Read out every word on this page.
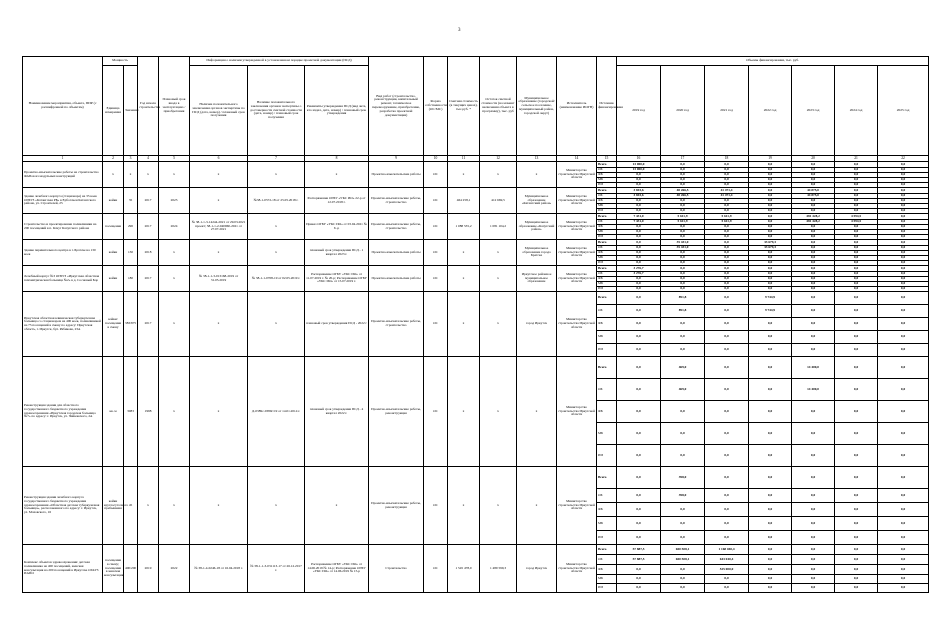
3
Наименование мероприятия, объекта, ПИР (с расшифровкой по объектам)	Мощность		Год начала строительства	Плановый срок ввода в эксплуатацию / приобретения	Информация о наличии утвержденной в установленном порядке проектной документации (ПСД)			Вид работ (строительство, реконструкция, капитальный ремонт, техническое перевооружение, приобретение, разработка проектной документации)	Форма собственности (ОС/МС)	Сметная стоимость (в текущих ценах), тыс.руб. *	Остаток сметной стоимости (на момент включения объекта в программу), тыс. руб	Муниципальное образование (городской/сельское поселение, муниципальный район, городской округ)	Исполнитель (наименование ИОГВ)	Источник финансирования	Объемы финансирования, тыс. руб.						
	Единица измерения	Значение			Наличие положительного заключения органов экспертизы по ПСД (дата, номер) / плановый срок получения	Наличие положительного заключения органов экспертизы о достоверности сметной стоимости (дата, номер) / плановый срок получения	Реквизиты утверждения ПСД (вид акта, кто издал, дата, номер) / плановый срок утверждения								2019 год	2020 год	2021 год	2022 год	2023 год	2024 год	2025 год

1	2	3	4	5	6	7	8	9	10	11	12	13	14	15	16	17	18	19	20	21	22
Проектно-изыскательские работы на строительство ФАПов из модульных конструкций	x	x	x	x	x	x	x	Проектно-изыскательские работы	ОС	x	x	x	Министерство строительства Иркутской области	Всего	13 000,0	0,0	0,0	0,0	0,0	0,0	0,0
														ОБ	13 000,0	0,0	0,0	0,0	0,0	0,0	0,0
														ФБ	0,0	0,0	0,0	0,0	0,0	0,0	0,0
														МБ	0,0	0,0	0,0	0,0	0,0	0,0	0,0
														ИИ	0,0	0,0	0,0	0,0	0,0	0,0	0,0
Здание лечебного корпуса (стационара) на 35 коек ОГБУЗ «Катангская РБ» в Ербогачен Катангского района, ул. Строителей, 25	койки	35	2017	2023	x	№38-1-0572-18 от 25.05.2018 г.	Распоряжение ОГБУ «УКС ИО» 22-р от 12.07.2018 г.	Проектно-изыскательские работы, строительство	ОС	464 258,1	412 669,5	Муниципальное образование «Катангский район»	Министерство строительства Иркутской области	Всего	3 693,6	48 266,5	41 471,4	0,0	44 875,0	0,0	0,0
														ОБ	3 693,6	48 266,5	41 471,4	0,0	44 875,0	0,0	0,0
														ФБ	0,0	0,0	0,0	0,0	0,0	0,0	0,0
														МБ	0,0	0,0	0,0	0,0	0,0	0,0	0,0
														ИИ	0,0	0,0	0,0	0,0	0,0	0,0	0,0
Строительство и проектирование поликлиники на 200 посещений в п. Качуг Качугского района	посещения	290	2017	2024	№ 38-1-1-3-14244-2021 от 29.03.2021 проект; 38-1-1-2-040960-2021 от 27.07.2021	x	Приказ ОГБУ «УКС ИО» от 03.04.2021 № 6 -р	Проектно-изыскательские работы, строительство	ОС	1 088 535,2	1 081 104,2	Муниципальное образование «Качугский район»	Министерство строительства Иркутской области	Всего	7 431,0	5 611,9	5 611,9	0,0	481 428,2	4 594,5	0,0
														ОБ	7 431,0	5 611,9	5 611,9	0,0	481 428,2	4 594,5	0,0
														ФБ	0,0	0,0	0,0	0,0	0,0	0,0	0,0
														МБ	0,0	0,0	0,0	0,0	0,0	0,0	0,0
														ИИ	0,0	0,0	0,0	0,0	0,0	0,0	0,0
Здание перинатального центра в г. Братске на 130 коек	койки	130	2018	x	x	x	плановый срок утверждения ПСД - 1 квартал 2023 г.	Проектно-изыскательские работы	ОС	x	x	Муниципальное образование города Братска	Министерство строительства Иркутской области	Всего	0,0	35 431,0	0,0	33 679,3	0,0	0,0	0,0
														ОБ	0,0	35 431,0	0,0	33 679,3	0,0	0,0	0,0
														ФБ	0,0	0,0	0,0	0,0	0,0	0,0	0,0
														МБ	0,0	0,0	0,0	0,0	0,0	0,0	0,0
														ИИ	0,0	0,0	0,0	0,0	0,0	0,0	0,0
Лечебный корпус №3 ОГБУЗ «Иркутская областная психиатрическая больница №2» в д. Сосновый Бор	койки	180	2017	x	№ 38-1-1-3-013168-2019 от 31.05.2019	№ 38-1-1-0708-19 от 02.05.2019 г.	Распоряжение ОГБУ «УКС ИО» от 11.07.2019 г. № 20-р; Распоряжение ОГБУ «УКС ИО» от 15.07.2019 г.	Проектно-изыскательские работы	ОС	x	x	Иркутское районное муниципальное образование	Министерство строительства Иркутской области	Всего	3 276,7	0,0	0,0	0,0	0,0	0,0	0,0
														ОБ	3 276,7	0,0	0,0	0,0	0,0	0,0	0,0
														ФБ	0,0	0,0	0,0	0,0	0,0	0,0	0,0
														МБ	0,0	0,0	0,0	0,0	0,0	0,0	0,0
														ИИ	0,0	0,0	0,0	0,0	0,0	0,0	0,0
Иркутская областная клиническая туберкулезная больница со стационаром на 400 коек, поликлиникой на 75 посещений в смену по адресу: Иркутская область, г. Иркутск, бул. Рябикова, 23А	койки/посещения в смену	383/875	2017	x	x	x	плановый срок утверждения ПСД - 2022 г	Проектно-изыскательские работы, строительство	ОС	x	x	город Иркутск	Министерство строительства Иркутской области	Всего	0,0	891,8	0,0	9 744,9	0,0	0,0	0,0
														ОБ	0,0	891,8	0,0	9 744,9	0,0	0,0	0,0
														ФБ	0,0	0,0	0,0	0,0	0,0	0,0	0,0
														МБ	0,0	0,0	0,0	0,0	0,0	0,0	0,0
														ИИ	0,0	0,0	0,0	0,0	0,0	0,0	0,0
Реконструкция здания для областного государственного бюджетного учреждения здравоохранения «Иркутская городская больница №7» по адресу: г. Иркутск, ул. Чайковского, 2А	кв. м	3083	1998	x	x	Д-0389с-0389с/19 от 14.01.2014 г.	плановый срок утверждения ПСД - 4 квартал 2022 г.	Проектно-изыскательские работы, реконструкция	ОС	x	x	x	Министерство строительства Иркутской области	Всего	0,0	469,0	0,0	0,0	14 400,0	0,0	0,0
														ОБ	0,0	469,0	0,0	0,0	14 400,0	0,0	0,0
														ФБ	0,0	0,0	0,0	0,0	0,0	0,0	0,0
														МБ	0,0	0,0	0,0	0,0	0,0	0,0	0,0
														ИИ	0,0	0,0	0,0	0,0	0,0	0,0	0,0
Реконструкция здания лечебного корпуса государственного бюджетного учреждения здравоохранения «Областная детская туберкулезная больница», расположенного по адресу: г. Иркутск, ул. Маховского, 16	койки круглосуточного пребывания	45	x	x	x	x	x	Проектно-изыскательские работы, реконструкция	ОС	x	x	x	Министерство строительства Иркутской области	Всего	0,0	398,0	0,0	0,0	0,0	0,0	0,0
														ОБ	0,0	398,0	0,0	0,0	0,0	0,0	0,0
														ФБ	0,0	0,0	0,0	0,0	0,0	0,0	0,0
														МБ	0,0	0,0	0,0	0,0	0,0	0,0	0,0
														ИИ	0,0	0,0	0,0	0,0	0,0	0,0	0,0
Комплекс объектов здравоохранения: детская поликлиника на 400 посещений, женская консультация на 200 посещений в Иркутске ОГАУЗ ИАПО	посещения в смену; посещения в женская консультация	400/200	2019	2022	№ 38-1-4-0246-18 от 16.04.2018 г.	№ 38-1-1-3-031113-17 от 26.12.2017 г.	Распоряжение ОГБУ «УКС ИО» от 14.06.2019 № 14-р; Распоряжение ОГБУ «УКС ИО» от 14.06.2019 № 15-р	Строительство	ОС	1 545 478,0	1 489 599,3	город Иркутск	Министерство строительства Иркутской области	Всего	57 887,5	600 508,1	1 168 040,4	0,0	0,0	0,0	0,0
														ОБ	57 887,5	600 508,1	643 040,4	0,0	0,0	0,0	0,0
														ФБ	0,0	0,0	525 000,0	0,0	0,0	0,0	0,0
														МБ	0,0	0,0	0,0	0,0	0,0	0,0	0,0
														ИИ	0,0	0,0	0,0	0,0	0,0	0,0	0,0
